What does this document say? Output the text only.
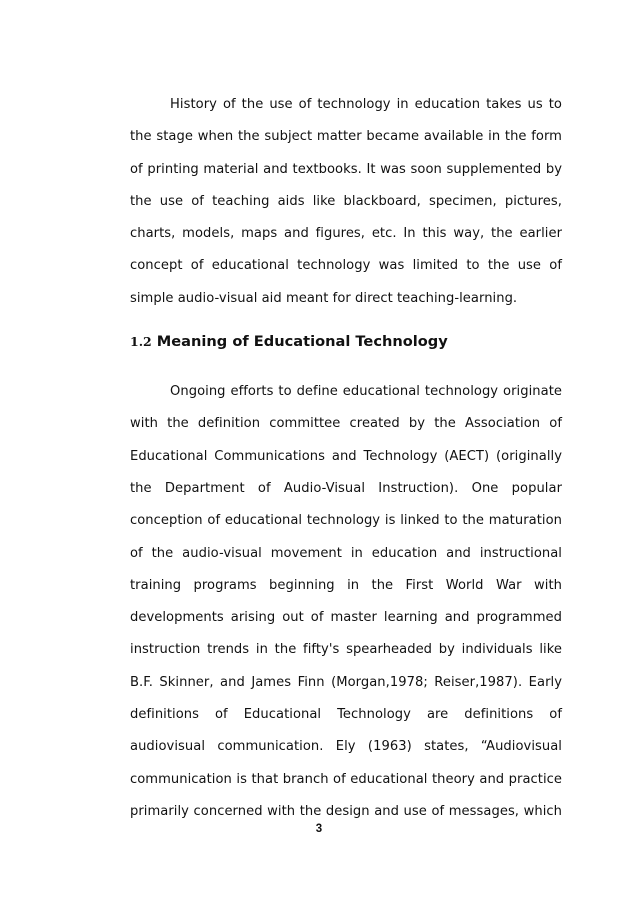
History of the use of technology in education takes us to
the stage when the subject matter became available in the form
of printing material and textbooks. It was soon supplemented by
the use of teaching aids like blackboard, specimen, pictures,
charts, models, maps and figures, etc. In this way, the earlier
concept of educational technology was limited to the use of
simple audio-visual aid meant for direct teaching-learning.

1.2 Meaning of Educational Technology

Ongoing efforts to define educational technology originate
with the definition committee created by the Association of
Educational Communications and Technology (AECT) (originally
the Department of Audio-Visual Instruction). One popular
conception of educational technology is linked to the maturation
of the audio-visual movement in education and instructional
training programs beginning in the First World War with
developments arising out of master learning and programmed
instruction trends in the fifty's spearheaded by individuals like
B.F. Skinner, and James Finn (Morgan,1978; Reiser,1987). Early
definitions of Educational Technology are definitions of
audiovisual communication. Ely (1963) states, “Audiovisual
communication is that branch of educational theory and practice
primarily concerned with the design and use of messages, which

3
